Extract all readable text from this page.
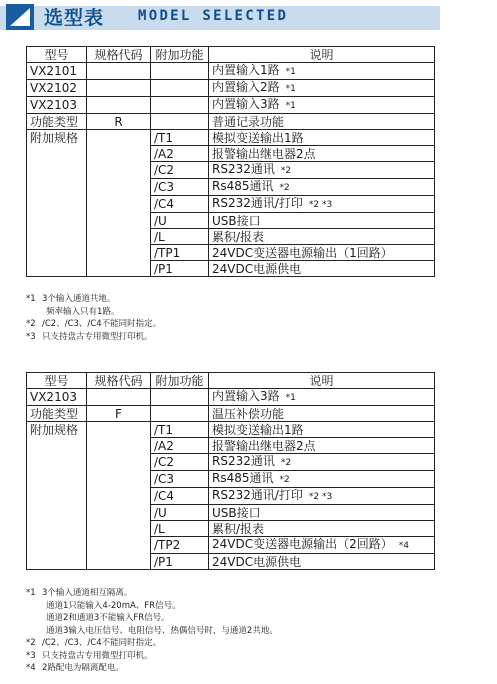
选型表 MODEL SELECTED
型号	规格代码	附加功能	说明
VX2101			内置输入1路 *1
VX2102			内置输入2路 *1
VX2103			内置输入3路 *1
功能类型	R		普通记录功能
附加规格		/T1	模拟变送输出1路
		/A2	报警输出继电器2点
		/C2	RS232通讯 *2
		/C3	Rs485通讯 *2
		/C4	RS232通讯/打印 *2 *3
		/U	USB接口
		/L	累积/报表
		/TP1	24VDC变送器电源输出（1回路）
		/P1	24VDC电源供电
*1 3个输入通道共地。
频率输入只有1路。
*2 /C2、/C3、/C4不能同时指定。
*3 只支持盘古专用微型打印机。
型号	规格代码	附加功能	说明
VX2103			内置输入3路 *1
功能类型	F		温压补偿功能
附加规格		/T1	模拟变送输出1路
		/A2	报警输出继电器2点
		/C2	RS232通讯 *2
		/C3	Rs485通讯 *2
		/C4	RS232通讯/打印 *2 *3
		/U	USB接口
		/L	累积/报表
		/TP2	24VDC变送器电源输出（2回路） *4
		/P1	24VDC电源供电
*1 3个输入通道相互隔离。
通道1只能输入4-20mA、FR信号。
通道2和通道3不能输入FR信号。
通道3输入电压信号、电阻信号、热偶信号时，与通道2共地。
*2 /C2、/C3、/C4不能同时指定。
*3 只支持盘古专用微型打印机。
*4 2路配电为隔离配电。
